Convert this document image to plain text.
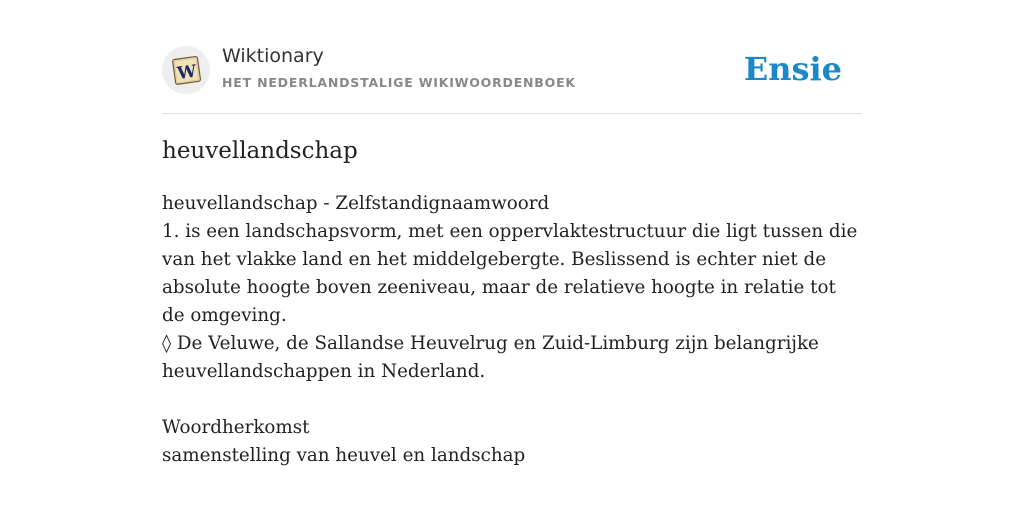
W
Wiktionary
HET NEDERLANDSTALIGE WIKIWOORDENBOEK	Ensie
heuvellandschap

heuvellandschap - Zelfstandignaamwoord

1. is een landschapsvorm, met een oppervlaktestructuur die ligt tussen die van het vlakke land en het middelgebergte. Beslissend is echter niet de absolute hoogte boven zeeniveau, maar de relatieve hoogte in relatie tot de omgeving.

◊ De Veluwe, de Sallandse Heuvelrug en Zuid-Limburg zijn belangrijke heuvellandschappen in Nederland.

Woordherkomst

samenstelling van heuvel en landschap
